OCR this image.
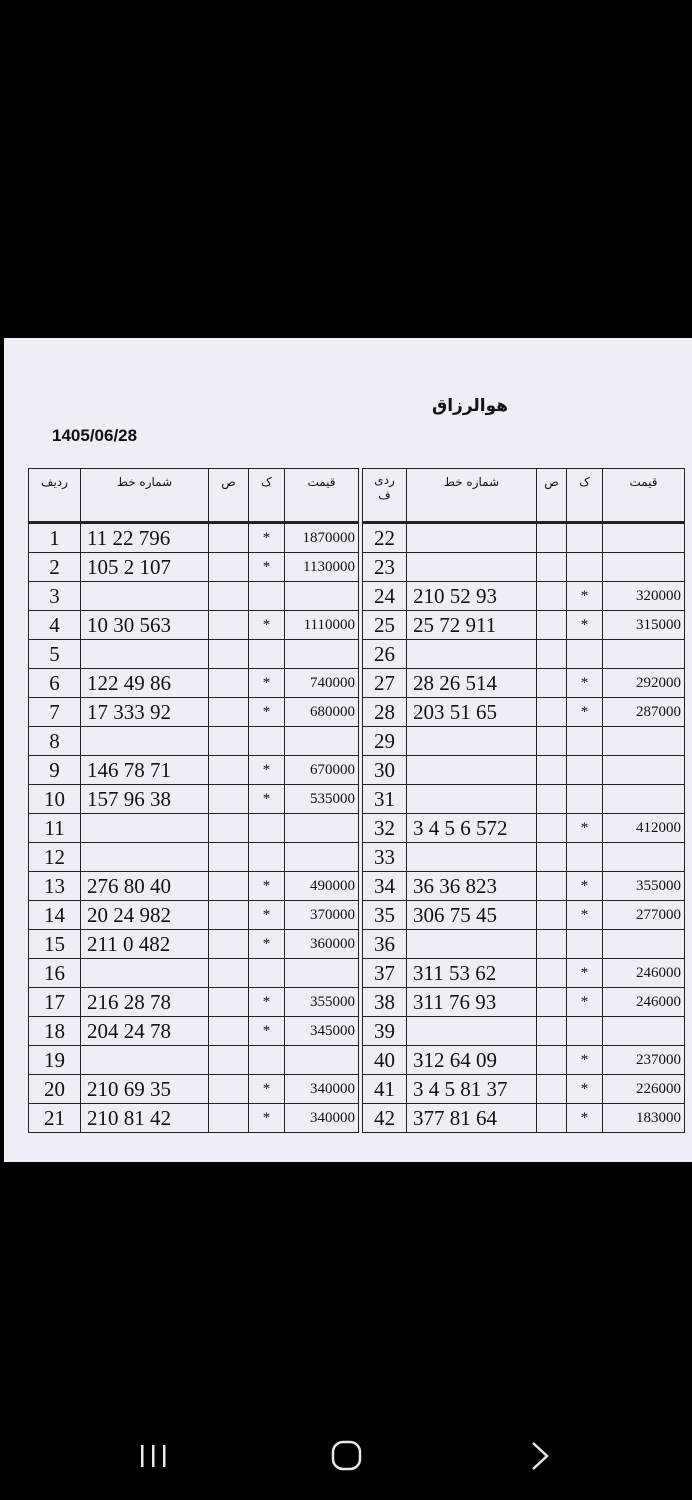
هوالرزاق
1405/06/28
ردیف	شماره خط	ص	ک	قیمت
1	11 22 796		*	1870000
2	105 2 107		*	1130000
3				
4	10 30 563		*	1110000
5				
6	122 49 86		*	740000
7	17 333 92		*	680000
8				
9	146 78 71		*	670000
10	157 96 38		*	535000
11				
12				
13	276 80 40		*	490000
14	20 24 982		*	370000
15	211 0 482		*	360000
16				
17	216 28 78		*	355000
18	204 24 78		*	345000
19				
20	210 69 35		*	340000
21	210 81 42		*	340000
ردی
ف	شماره خط	ص	ک	قیمت
22				
23				
24	210 52 93		*	320000
25	25 72 911		*	315000
26				
27	28 26 514		*	292000
28	203 51 65		*	287000
29				
30				
31				
32	3 4 5 6 572		*	412000
33				
34	36 36 823		*	355000
35	306 75 45		*	277000
36				
37	311 53 62		*	246000
38	311 76 93		*	246000
39				
40	312 64 09		*	237000
41	3 4 5 81 37		*	226000
42	377 81 64		*	183000
